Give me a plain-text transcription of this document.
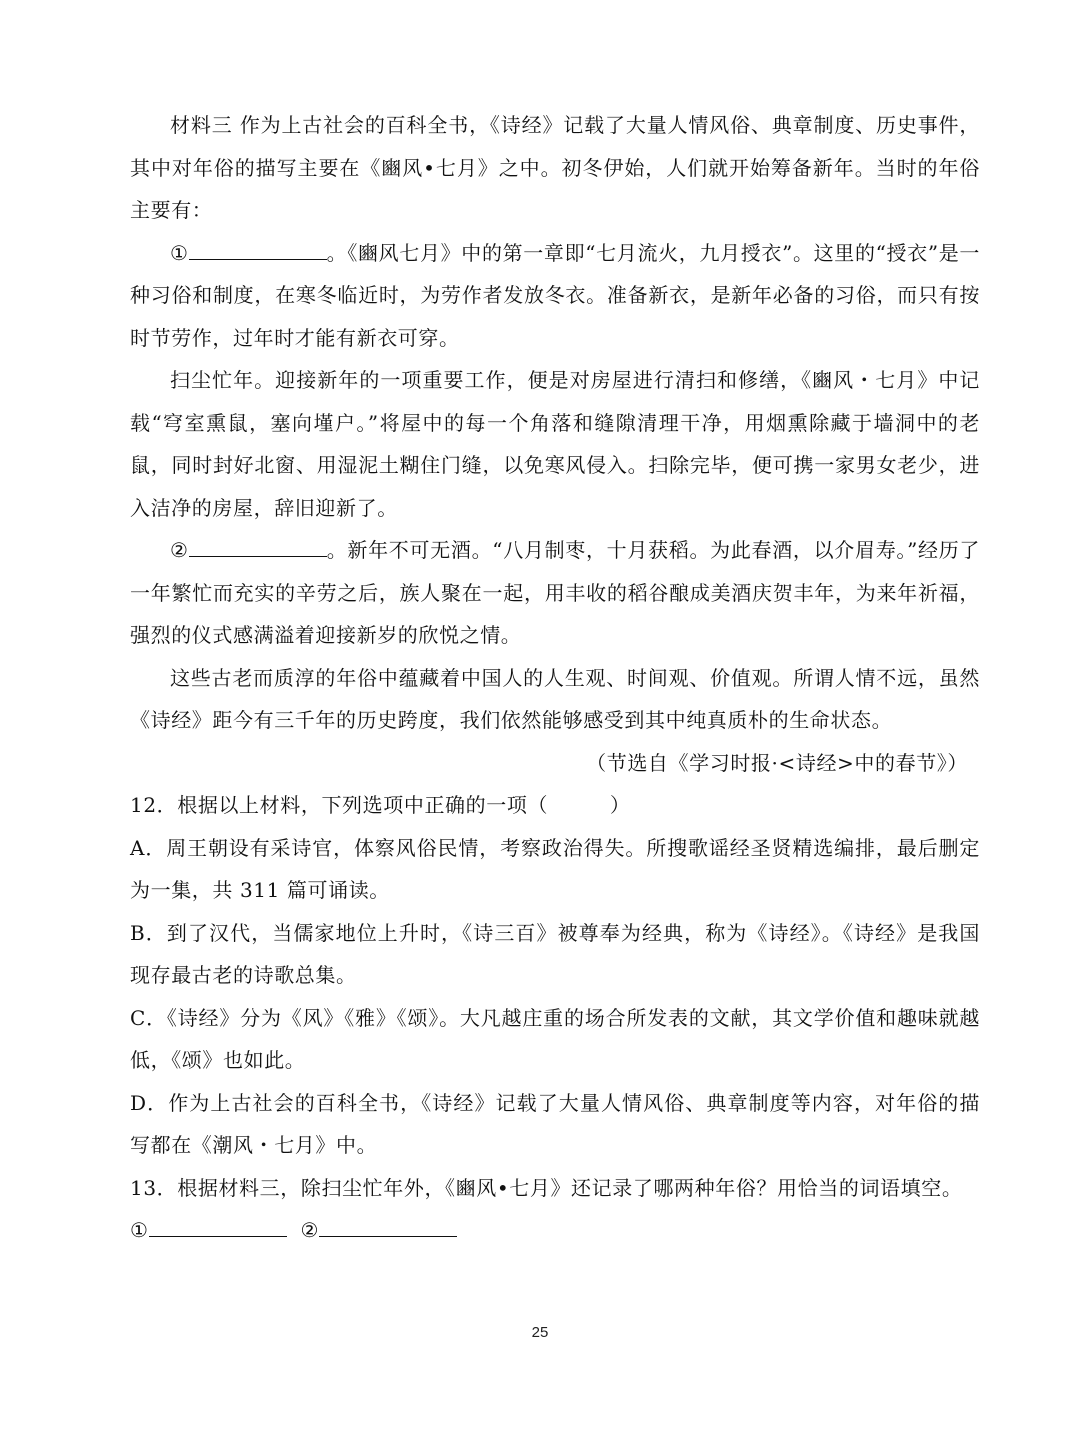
材料三 作为上古社会的百科全书，《诗经》记载了大量人情风俗、典章制度、历史事件，其中对年俗的描写主要在《豳风•七月》之中。初冬伊始，人们就开始筹备新年。当时的年俗主要有：

①	。《豳风七月》中的第一章即“七月流火，九月授衣”。这里的“授衣”是一种习俗和制度，在寒冬临近时，为劳作者发放冬衣。准备新衣，是新年必备的习俗，而只有按时节劳作，过年时才能有新衣可穿。

扫尘忙年。迎接新年的一项重要工作，便是对房屋进行清扫和修缮，《豳风・七月》中记载“穹室熏鼠，塞向墐户。”将屋中的每一个角落和缝隙清理干净，用烟熏除藏于墙洞中的老鼠，同时封好北窗、用湿泥土糊住门缝，以免寒风侵入。扫除完毕，便可携一家男女老少，进入洁净的房屋，辞旧迎新了。

②	。新年不可无酒。“八月制枣，十月获稻。为此春酒，以介眉寿。”经历了一年繁忙而充实的辛劳之后，族人聚在一起，用丰收的稻谷酿成美酒庆贺丰年，为来年祈福，强烈的仪式感满溢着迎接新岁的欣悦之情。

这些古老而质淳的年俗中蕴藏着中国人的人生观、时间观、价值观。所谓人情不远，虽然《诗经》距今有三千年的历史跨度，我们依然能够感受到其中纯真质朴的生命状态。

（节选自《学习时报·<诗经>中的春节》）

12．根据以上材料，下列选项中正确的一项（　　　）

A．周王朝设有采诗官，体察风俗民情，考察政治得失。所搜歌谣经圣贤精选编排，最后删定为一集，共 311 篇可诵读。

B．到了汉代，当儒家地位上升时，《诗三百》被尊奉为经典，称为《诗经》。《诗经》是我国现存最古老的诗歌总集。

C．《诗经》分为《风》《雅》《颂》。大凡越庄重的场合所发表的文献，其文学价值和趣味就越低，《颂》也如此。

D．作为上古社会的百科全书，《诗经》记载了大量人情风俗、典章制度等内容，对年俗的描写都在《潮风・七月》中。

13．根据材料三，除扫尘忙年外，《豳风•七月》还记录了哪两种年俗？用恰当的词语填空。

①	②

25
